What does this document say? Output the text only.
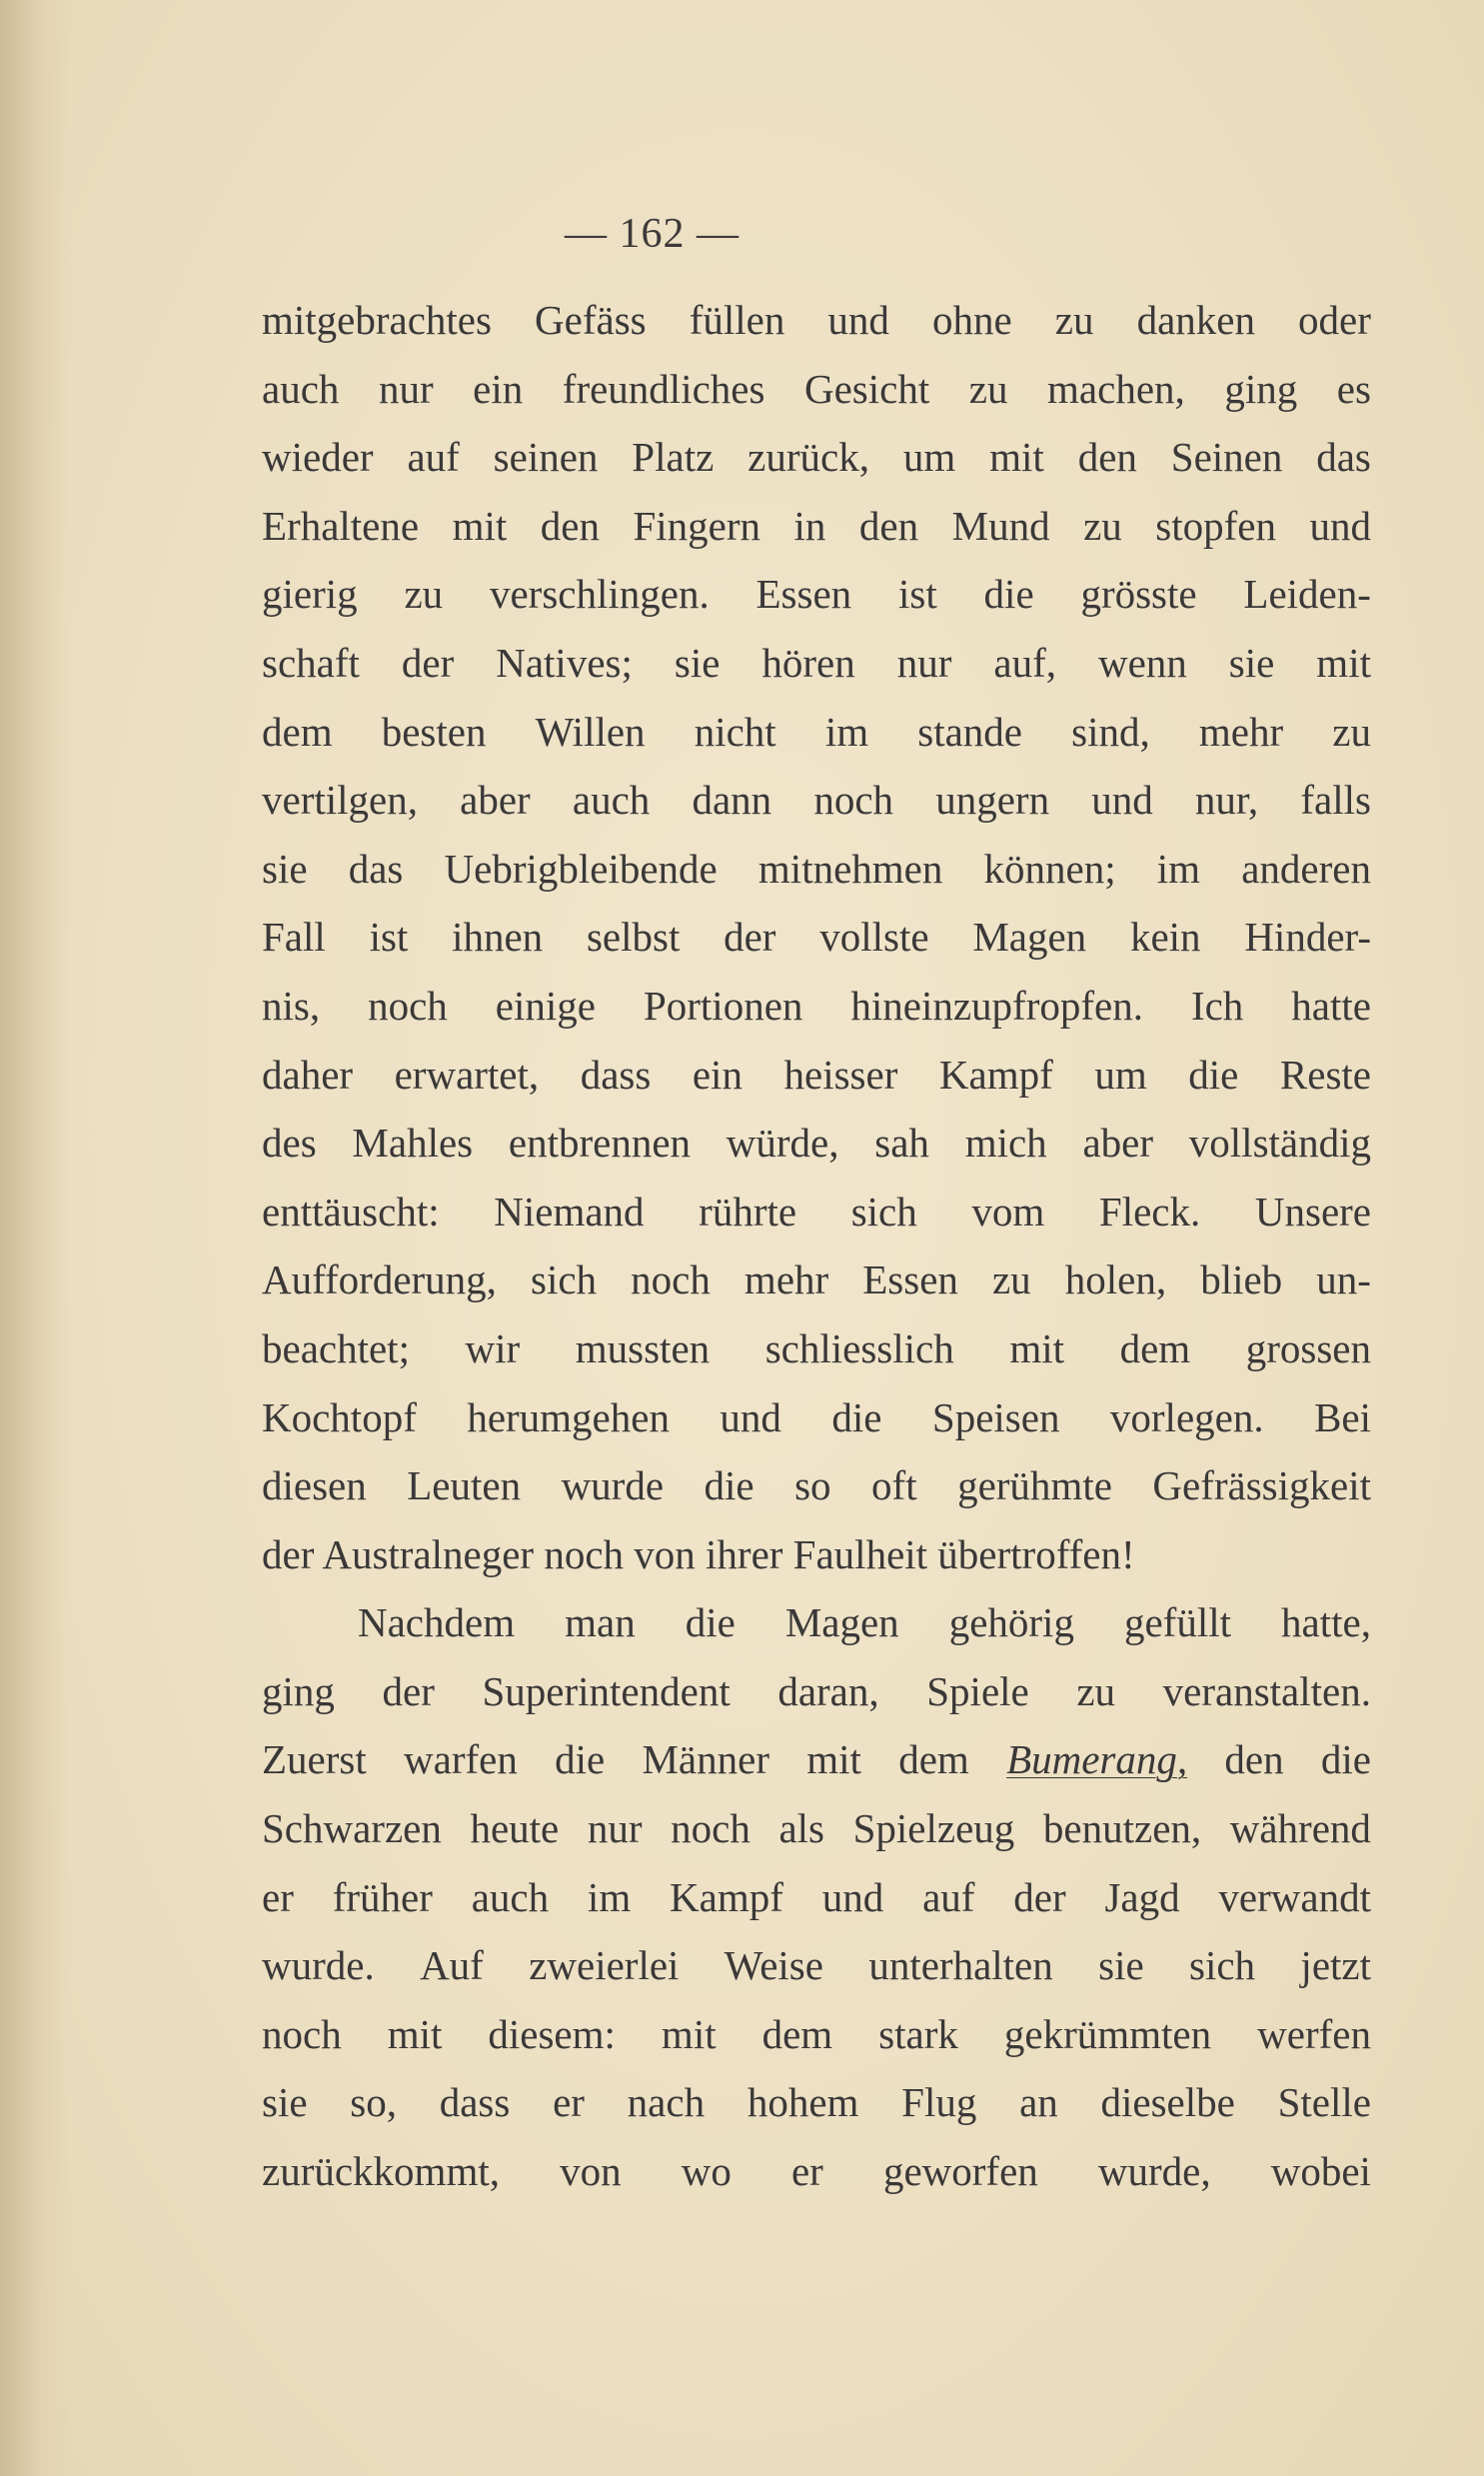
— 162 —
mitgebrachtes Gefäss füllen und ohne zu danken oder
auch nur ein freundliches Gesicht zu machen, ging es
wieder auf seinen Platz zurück, um mit den Seinen das
Erhaltene mit den Fingern in den Mund zu stopfen und
gierig zu verschlingen. Essen ist die grösste Leiden-
schaft der Natives; sie hören nur auf, wenn sie mit
dem besten Willen nicht im stande sind, mehr zu
vertilgen, aber auch dann noch ungern und nur, falls
sie das Uebrigbleibende mitnehmen können; im anderen
Fall ist ihnen selbst der vollste Magen kein Hinder-
nis, noch einige Portionen hineinzupfropfen. Ich hatte
daher erwartet, dass ein heisser Kampf um die Reste
des Mahles entbrennen würde, sah mich aber vollständig
enttäuscht: Niemand rührte sich vom Fleck. Unsere
Aufforderung, sich noch mehr Essen zu holen, blieb un-
beachtet; wir mussten schliesslich mit dem grossen
Kochtopf herumgehen und die Speisen vorlegen. Bei
diesen Leuten wurde die so oft gerühmte Gefrässigkeit
der Australneger noch von ihrer Faulheit übertroffen!
Nachdem man die Magen gehörig gefüllt hatte,
ging der Superintendent daran, Spiele zu veranstalten.
Zuerst warfen die Männer mit dem Bumerang, den die
Schwarzen heute nur noch als Spielzeug benutzen, während
er früher auch im Kampf und auf der Jagd verwandt
wurde. Auf zweierlei Weise unterhalten sie sich jetzt
noch mit diesem: mit dem stark gekrümmten werfen
sie so, dass er nach hohem Flug an dieselbe Stelle
zurückkommt, von wo er geworfen wurde, wobei
